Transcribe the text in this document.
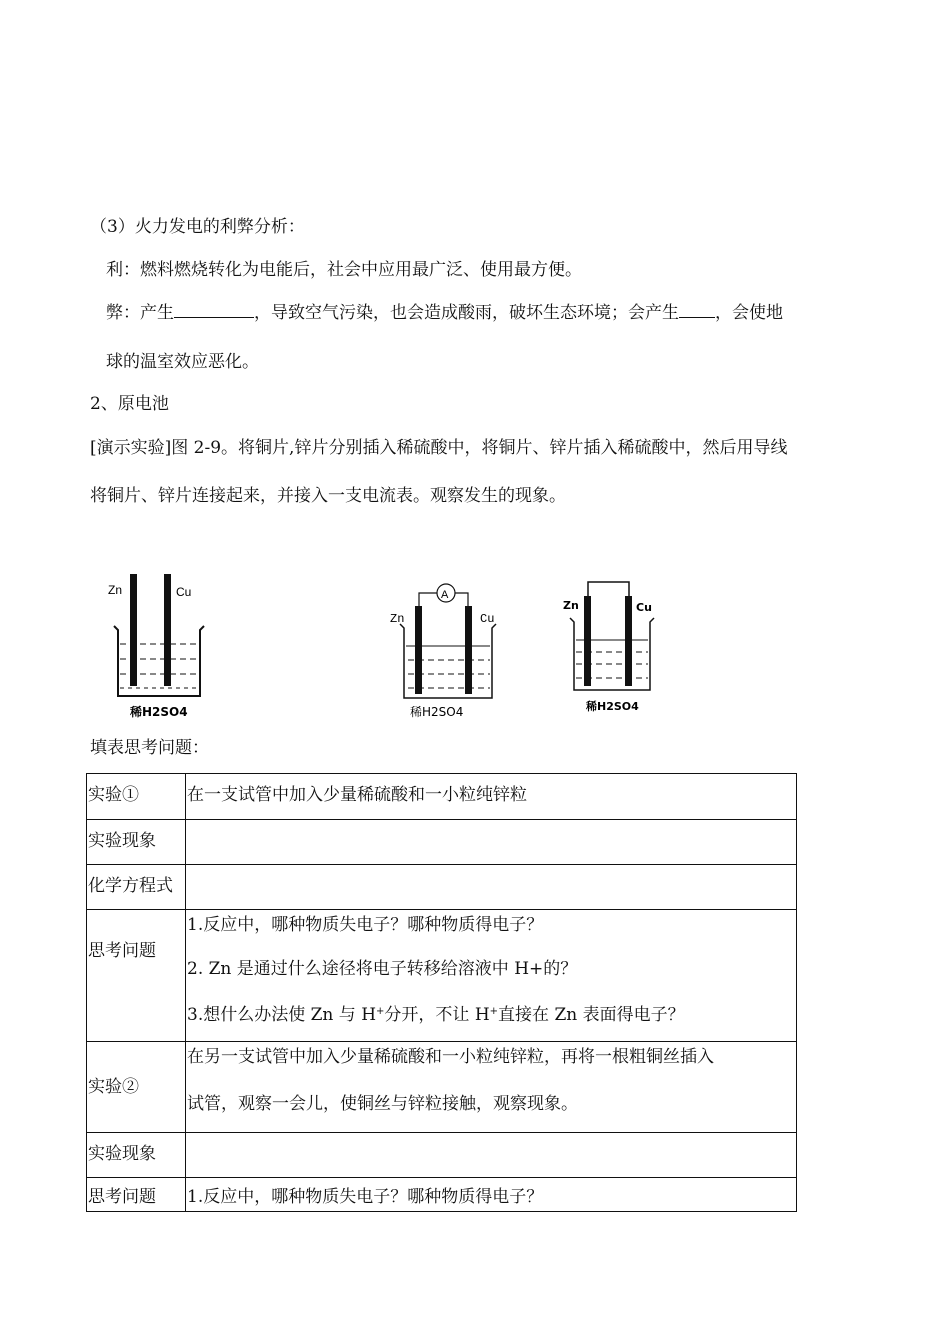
（3）火力发电的利弊分析：
利：燃料燃烧转化为电能后，社会中应用最广泛、使用最方便。
弊：产生	，导致空气污染，也会造成酸雨，破坏生态环境；会产生 ，会使地
球的温室效应恶化。
2、原电池
[演示实验]图 2-9。将铜片,锌片分别插入稀硫酸中，将铜片、锌片插入稀硫酸中，然后用导线
将铜片、锌片连接起来，并接入一支电流表。观察发生的现象。
Zn	Cu
稀H2SO4
A
Zn	Cu
稀H2SO4
Zn	Cu
稀H2SO4
填表思考问题：
实验①	在一支试管中加入少量稀硫酸和一小粒纯锌粒
实验现象	
化学方程式	
思考问题	1.反应中，哪种物质失电子？哪种物质得电子？
2. Zn 是通过什么途径将电子转移给溶液中 H+的？
3.想什么办法使 Zn 与 H+分开，不让 H+直接在 Zn 表面得电子？

实验②	在另一支试管中加入少量稀硫酸和一小粒纯锌粒，再将一根粗铜丝插入
试管，观察一会儿，使铜丝与锌粒接触，观察现象。

实验现象	
思考问题	1.反应中，哪种物质失电子？哪种物质得电子？
